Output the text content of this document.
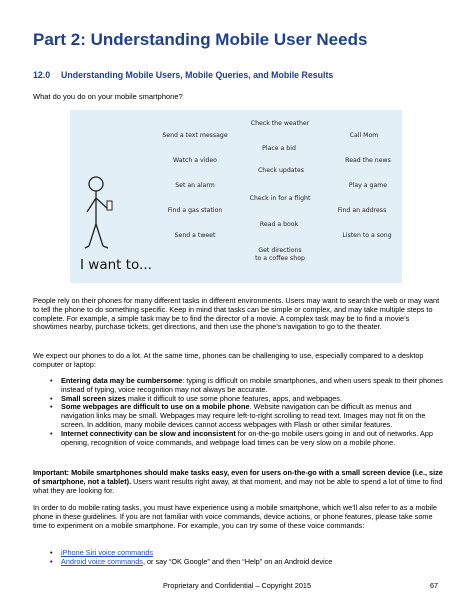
Part 2: Understanding Mobile User Needs
12.0 Understanding Mobile Users, Mobile Queries, and Mobile Results
What do you do on your mobile smartphone?
I want to...
Check the weather
Send a text message	Call Mom
Place a bid
Watch a video	Read the news
Check updates
Set an alarm	Play a game
Check in for a flight
Find a gas station	Find an address
Read a book
Send a tweet	Listen to a song
Get directions
to a coffee shop

People rely on their phones for many different tasks in different environments. Users may want to search the web or may want to tell the phone to do something specific. Keep in mind that tasks can be simple or complex, and may take multiple steps to complete. For example, a simple task may be to find the director of a movie. A complex task may be to find a movie’s showtimes nearby, purchase tickets, get directions, and then use the phone’s navigation to go to the theater.

We expect our phones to do a lot. At the same time, phones can be challenging to use, especially compared to a desktop computer or laptop:

• Entering data may be cumbersome: typing is difficult on mobile smartphones, and when users speak to their phones instead of typing, voice recognition may not always be accurate.
• Small screen sizes make it difficult to use some phone features, apps, and webpages.
• Some webpages are difficult to use on a mobile phone. Website navigation can be difficult as menus and navigation links may be small. Webpages may require left-to-right scrolling to read text. Images may not fit on the screen. In addition, many mobile devices cannot access webpages with Flash or other similar features.
• Internet connectivity can be slow and inconsistent for on-the-go mobile users going in and out of networks. App opening, recognition of voice commands, and webpage load times can be very slow on a mobile phone.

Important: Mobile smartphones should make tasks easy, even for users on-the-go with a small screen device (i.e., size of smartphone, not a tablet). Users want results right away, at that moment, and may not be able to spend a lot of time to find what they are looking for.

In order to do mobile rating tasks, you must have experience using a mobile smartphone, which we’ll also refer to as a mobile phone in these guidelines. If you are not familiar with voice commands, device actions, or phone features, please take some time to experiment on a mobile smartphone. For example, you can try some of these voice commands:

• iPhone Siri voice commands
• Android voice commands, or say “OK Google” and then “Help” on an Android device
Proprietary and Confidential – Copyright 2015	67
